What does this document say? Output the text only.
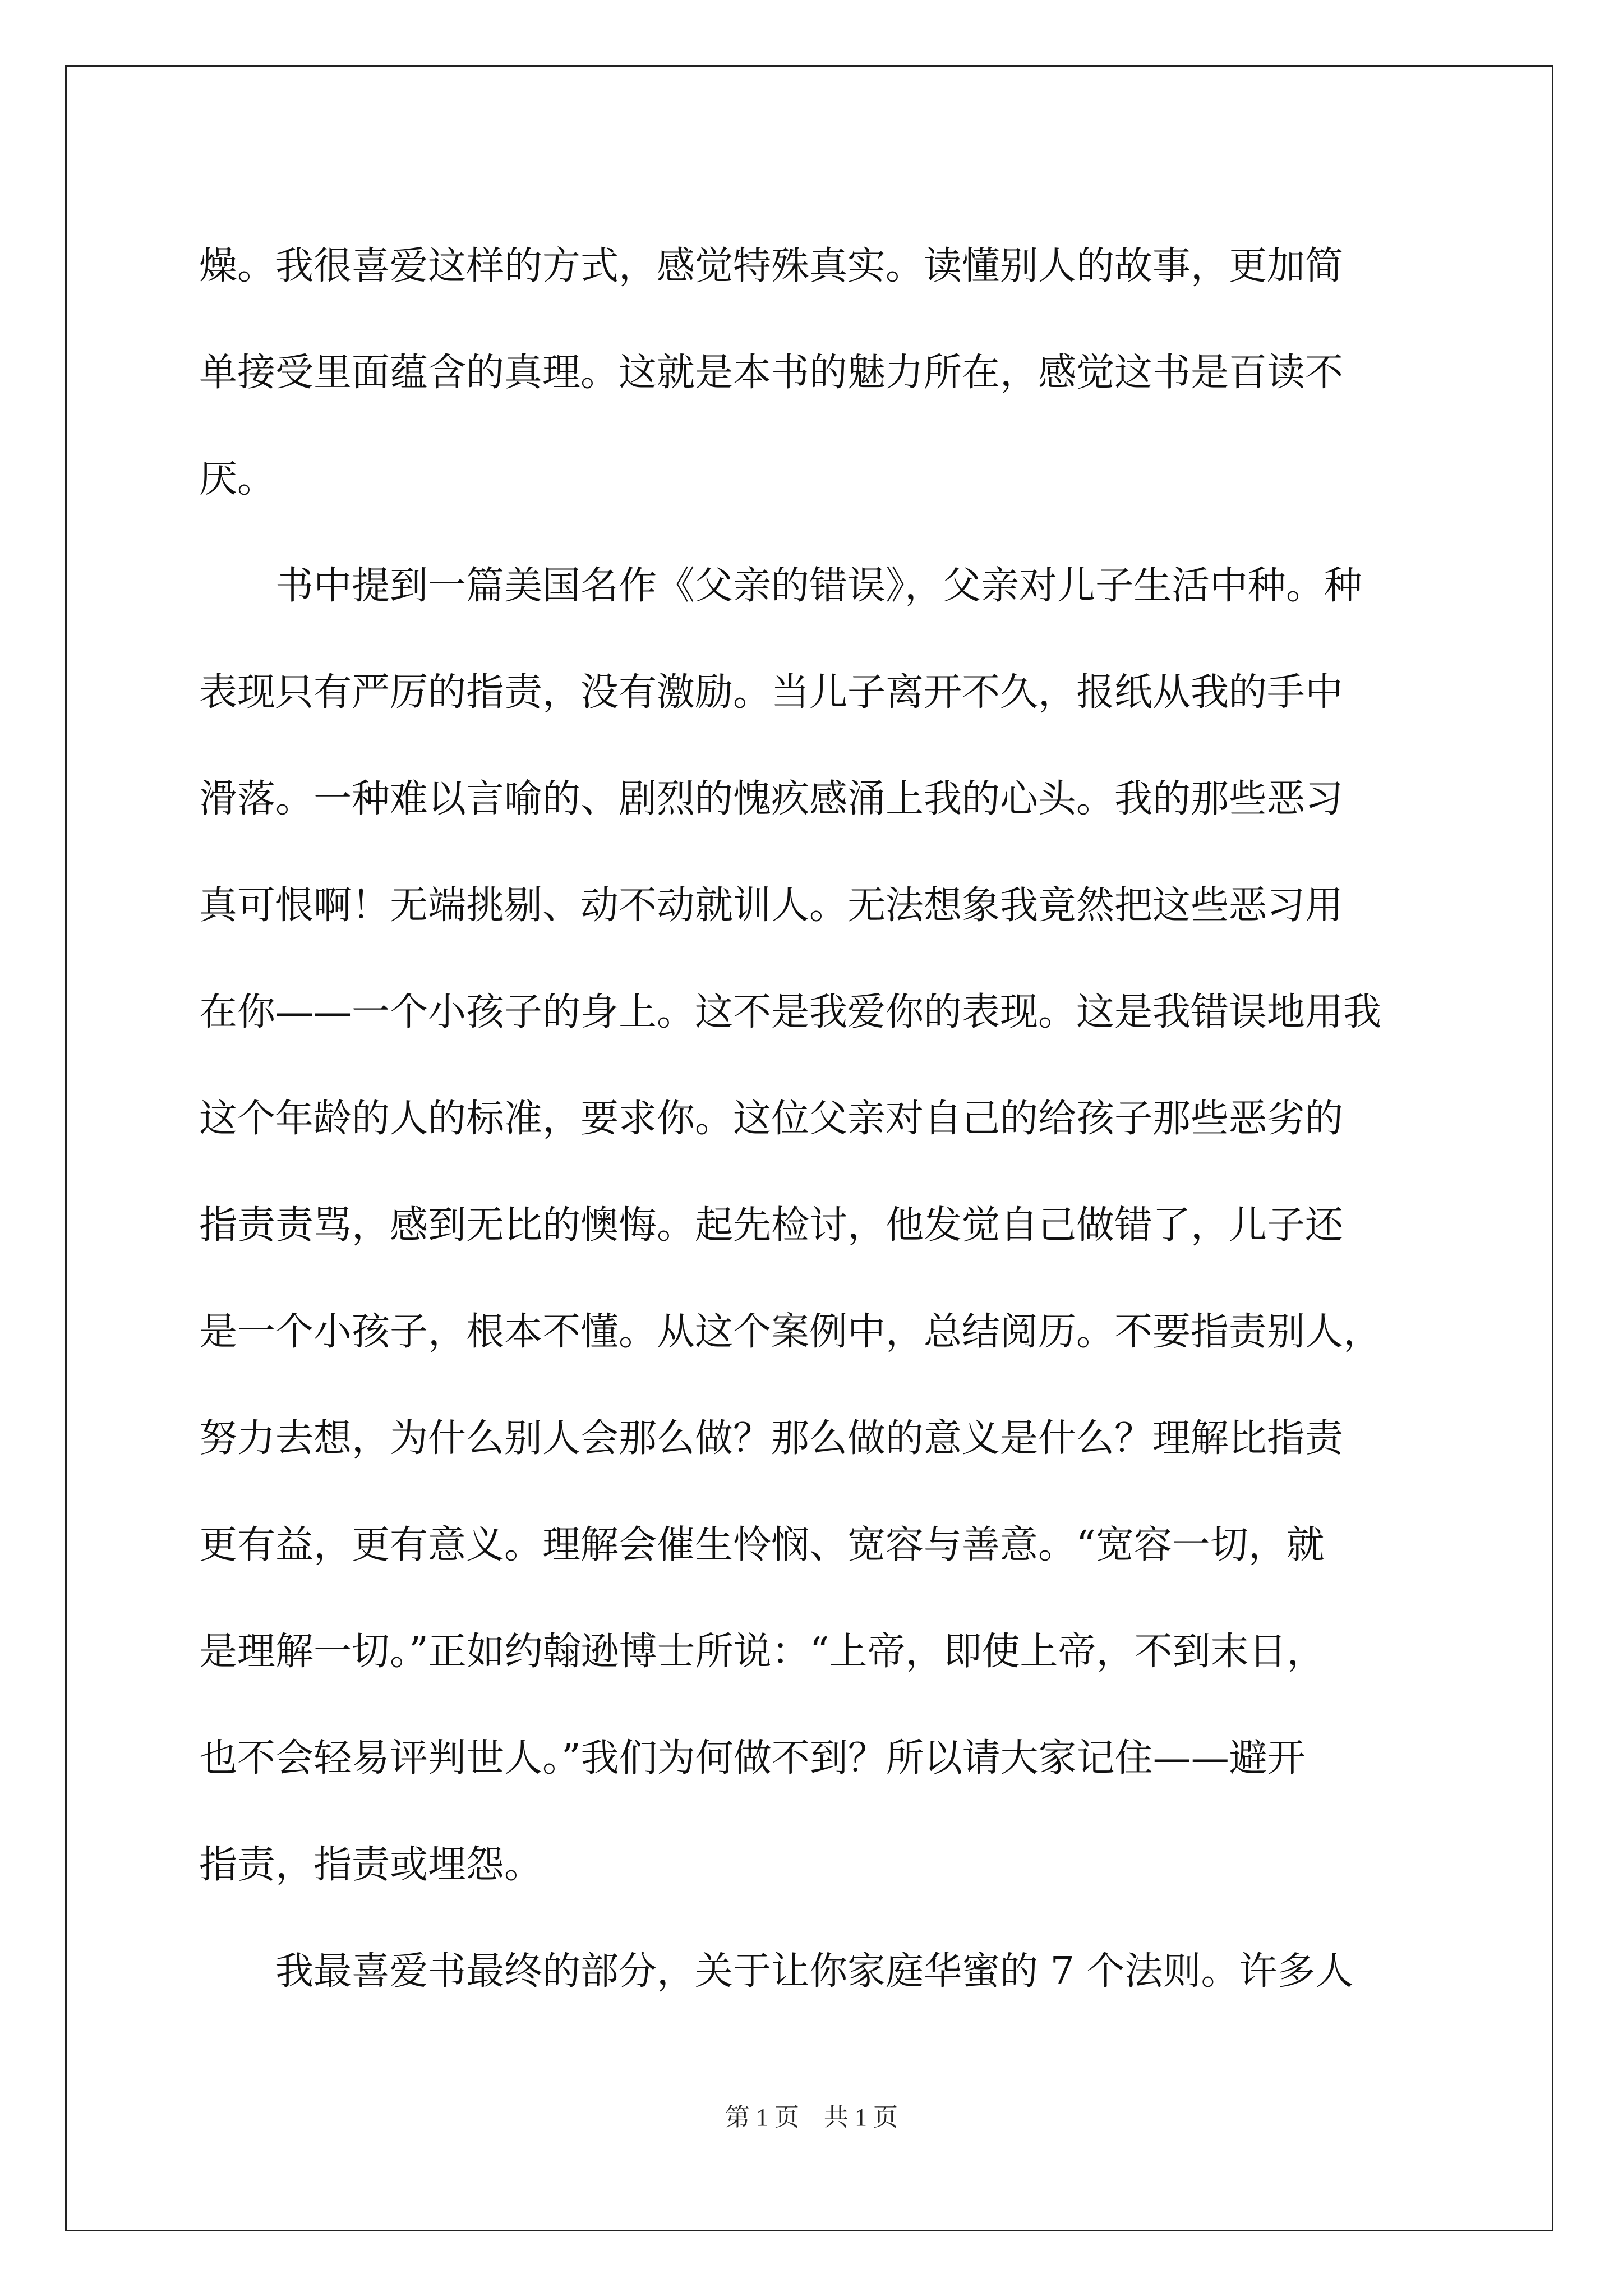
燥。我很喜爱这样的方式，感觉特殊真实。读懂别人的故事，更加简
单接受里面蕴含的真理。这就是本书的魅力所在，感觉这书是百读不
厌。
　　书中提到一篇美国名作《父亲的错误》，父亲对儿子生活中种。种
表现只有严厉的指责，没有激励。当儿子离开不久，报纸从我的手中
滑落。一种难以言喻的、剧烈的愧疚感涌上我的心头。我的那些恶习
真可恨啊！无端挑剔、动不动就训人。无法想象我竟然把这些恶习用
在你——一个小孩子的身上。这不是我爱你的表现。这是我错误地用我
这个年龄的人的标准，要求你。这位父亲对自己的给孩子那些恶劣的
指责责骂，感到无比的懊悔。起先检讨，他发觉自己做错了，儿子还
是一个小孩子，根本不懂。从这个案例中，总结阅历。不要指责别人，
努力去想，为什么别人会那么做？那么做的意义是什么？理解比指责
更有益，更有意义。理解会催生怜悯、宽容与善意。“宽容一切，就
是理解一切。”正如约翰逊博士所说：“上帝，即使上帝，不到末日，
也不会轻易评判世人。”我们为何做不到？所以请大家记住——避开
指责，指责或埋怨。
　　我最喜爱书最终的部分，关于让你家庭华蜜的 7 个法则。许多人
第 1 页　共 1 页
